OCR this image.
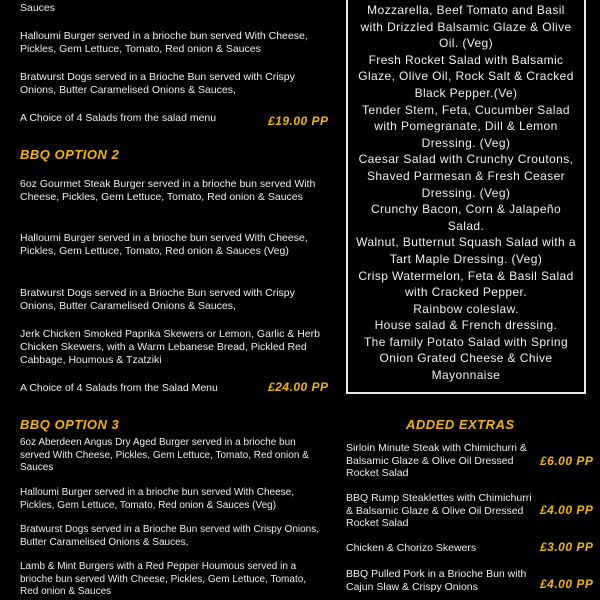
Sauces
Halloumi Burger served in a brioche bun served With Cheese, Pickles, Gem Lettuce, Tomato, Red onion & Sauces
Bratwurst Dogs served in a Brioche Bun served with Crispy Onions, Butter Caramelised Onions & Sauces,
A Choice of 4 Salads from the salad menu	£19.00 PP
BBQ OPTION 2
6oz Gourmet Steak Burger served in a brioche bun served With Cheese, Pickles, Gem Lettuce, Tomato, Red onion & Sauces
Halloumi Burger served in a brioche bun served With Cheese, Pickles, Gem Lettuce, Tomato, Red onion & Sauces (Veg)
Bratwurst Dogs served in a Brioche Bun served with Crispy Onions, Butter Caramelised Onions & Sauces,
Jerk Chicken Smoked Paprika Skewers or Lemon, Garlic & Herb Chicken Skewers, with a Warm Lebanese Bread, Pickled Red Cabbage, Houmous & Tzatziki
A Choice of 4 Salads from the Salad Menu	£24.00 PP
BBQ OPTION 3
6oz Aberdeen Angus Dry Aged Burger served in a brioche bun served With Cheese, Pickles, Gem Lettuce, Tomato, Red onion & Sauces
Halloumi Burger served in a brioche bun served With Cheese, Pickles, Gem Lettuce, Tomato, Red onion & Sauces (Veg)
Bratwurst Dogs served in a Brioche Bun served with Crispy Onions, Butter Caramelised Onions & Sauces,
Lamb & Mint Burgers with a Red Pepper Houmous served in a brioche bun served With Cheese, Pickles, Gem Lettuce, Tomato, Red onion & Sauces
Mozzarella, Beef Tomato and Basil
with Drizzled Balsamic Glaze & Olive
Oil. (Veg)
Fresh Rocket Salad with Balsamic
Glaze, Olive Oil, Rock Salt & Cracked
Black Pepper.(Ve)
Tender Stem, Feta, Cucumber Salad
with Pomegranate, Dill & Lemon
Dressing. (Veg)
Caesar Salad with Crunchy Croutons,
Shaved Parmesan & Fresh Ceaser
Dressing. (Veg)
Crunchy Bacon, Corn & Jalapeño
Salad.
Walnut, Butternut Squash Salad with a
Tart Maple Dressing. (Veg)
Crisp Watermelon, Feta & Basil Salad
with Cracked Pepper.
Rainbow coleslaw.
House salad & French dressing.
The family Potato Salad with Spring
Onion Grated Cheese & Chive
Mayonnaise
ADDED EXTRAS
Sirloin Minute Steak with Chimichurri & Balsamic Glaze & Olive Oil Dressed Rocket Salad
£6.00 PP
BBQ Rump Steaklettes with Chimichurri & Balsamic Glaze & Olive Oil Dressed Rocket Salad
£4.00 PP
Chicken & Chorizo Skewers	£3.00 PP
BBQ Pulled Pork in a Brioche Bun with Cajun Slaw & Crispy Onions	£4.00 PP
